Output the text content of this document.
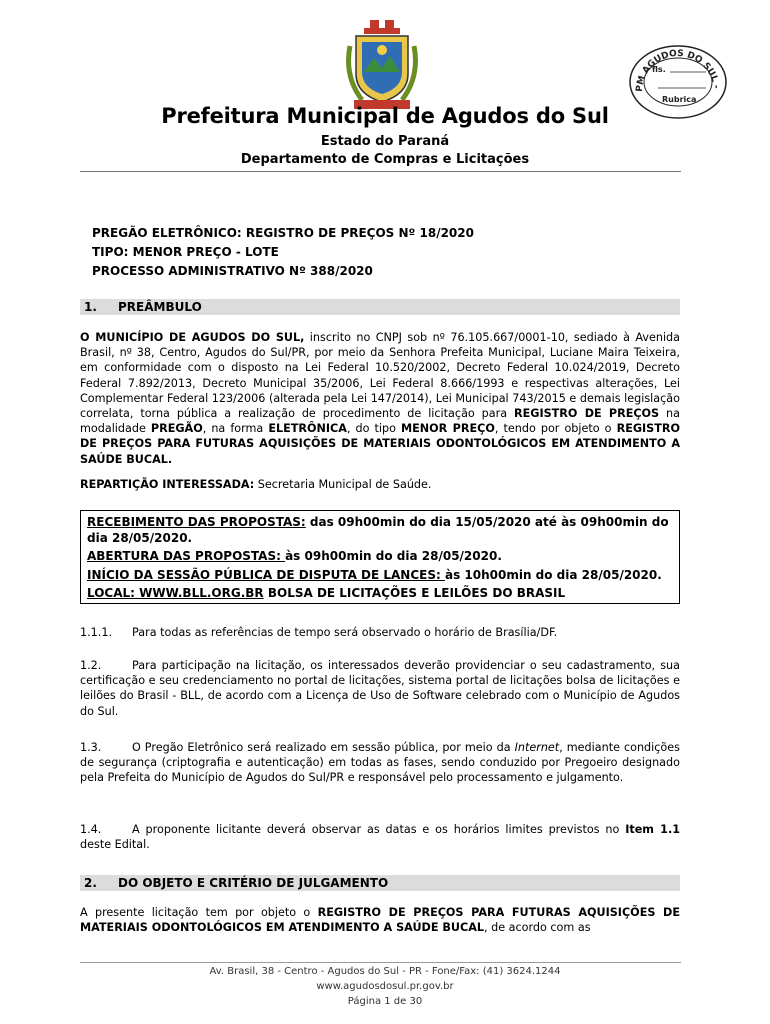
PM AGUDOS DO SUL -
fls.
Rubrica
Prefeitura Municipal de Agudos do Sul
Estado do Paraná
Departamento de Compras e Licitações
PREGÃO ELETRÔNICO: REGISTRO DE PREÇOS Nº 18/2020
TIPO: MENOR PREÇO - LOTE
PROCESSO ADMINISTRATIVO Nº 388/2020
1. PREÂMBULO
O MUNICÍPIO DE AGUDOS DO SUL, inscrito no CNPJ sob nº 76.105.667/0001-10, sediado à Avenida Brasil, nº 38, Centro, Agudos do Sul/PR, por meio da Senhora Prefeita Municipal, Luciane Maira Teixeira, em conformidade com o disposto na Lei Federal 10.520/2002, Decreto Federal 10.024/2019, Decreto Federal 7.892/2013, Decreto Municipal 35/2006, Lei Federal 8.666/1993 e respectivas alterações, Lei Complementar Federal 123/2006 (alterada pela Lei 147/2014), Lei Municipal 743/2015 e demais legislação correlata, torna pública a realização de procedimento de licitação para REGISTRO DE PREÇOS na modalidade PREGÃO, na forma ELETRÔNICA, do tipo MENOR PREÇO, tendo por objeto o REGISTRO DE PREÇOS PARA FUTURAS AQUISIÇÕES DE MATERIAIS ODONTOLÓGICOS EM ATENDIMENTO A SAÚDE BUCAL.
REPARTIÇÃO INTERESSADA: Secretaria Municipal de Saúde.
RECEBIMENTO DAS PROPOSTAS: das 09h00min do dia 15/05/2020 até às 09h00min do
dia 28/05/2020.
ABERTURA DAS PROPOSTAS: às 09h00min do dia 28/05/2020.
INÍCIO DA SESSÃO PÚBLICA DE DISPUTA DE LANCES: às 10h00min do dia 28/05/2020.
LOCAL: WWW.BLL.ORG.BR BOLSA DE LICITAÇÕES E LEILÕES DO BRASIL
1.1.1. Para todas as referências de tempo será observado o horário de Brasília/DF.
1.2.	Para participação na licitação, os interessados deverão providenciar o seu cadastramento, sua certificação e seu credenciamento no portal de licitações, sistema portal de licitações bolsa de licitações e leilões do Brasil - BLL, de acordo com a Licença de Uso de Software celebrado com o Município de Agudos do Sul.
1.3.	O Pregão Eletrônico será realizado em sessão pública, por meio da Internet, mediante condições de segurança (criptografia e autenticação) em todas as fases, sendo conduzido por Pregoeiro designado pela Prefeita do Município de Agudos do Sul/PR e responsável pelo processamento e julgamento.
1.4.	A proponente licitante deverá observar as datas e os horários limites previstos no Item 1.1 deste Edital.
2. DO OBJETO E CRITÉRIO DE JULGAMENTO
A presente licitação tem por objeto o REGISTRO DE PREÇOS PARA FUTURAS AQUISIÇÕES DE MATERIAIS ODONTOLÓGICOS EM ATENDIMENTO A SAÚDE BUCAL, de acordo com as
Av. Brasil, 38 - Centro - Agudos do Sul - PR - Fone/Fax: (41) 3624.1244
www.agudosdosul.pr.gov.br
Página 1 de 30
